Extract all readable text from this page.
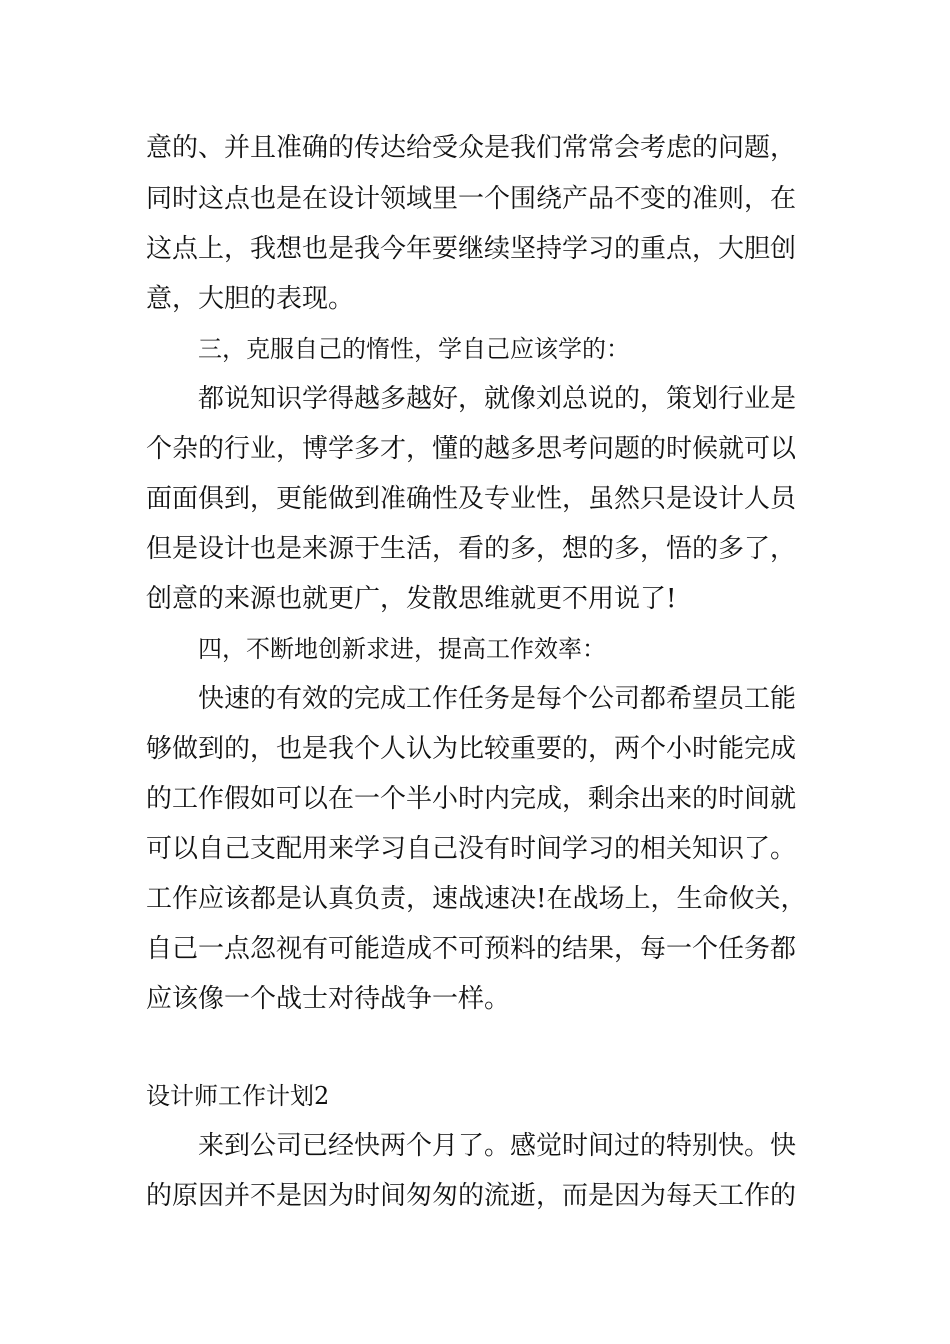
意的、并且准确的传达给受众是我们常常会考虑的问题，
同时这点也是在设计领域里一个围绕产品不变的准则，在
这点上，我想也是我今年要继续坚持学习的重点，大胆创
意，大胆的表现。
三，克服自己的惰性，学自己应该学的：
都说知识学得越多越好，就像刘总说的，策划行业是
个杂的行业，博学多才，懂的越多思考问题的时候就可以
面面俱到，更能做到准确性及专业性，虽然只是设计人员
但是设计也是来源于生活，看的多，想的多，悟的多了，
创意的来源也就更广，发散思维就更不用说了!
四，不断地创新求进，提高工作效率：
快速的有效的完成工作任务是每个公司都希望员工能
够做到的，也是我个人认为比较重要的，两个小时能完成
的工作假如可以在一个半小时内完成，剩余出来的时间就
可以自己支配用来学习自己没有时间学习的相关知识了。
工作应该都是认真负责，速战速决!在战场上，生命攸关，
自己一点忽视有可能造成不可预料的结果，每一个任务都
应该像一个战士对待战争一样。
设计师工作计划2
来到公司已经快两个月了。感觉时间过的特别快。快
的原因并不是因为时间匆匆的流逝，而是因为每天工作的
